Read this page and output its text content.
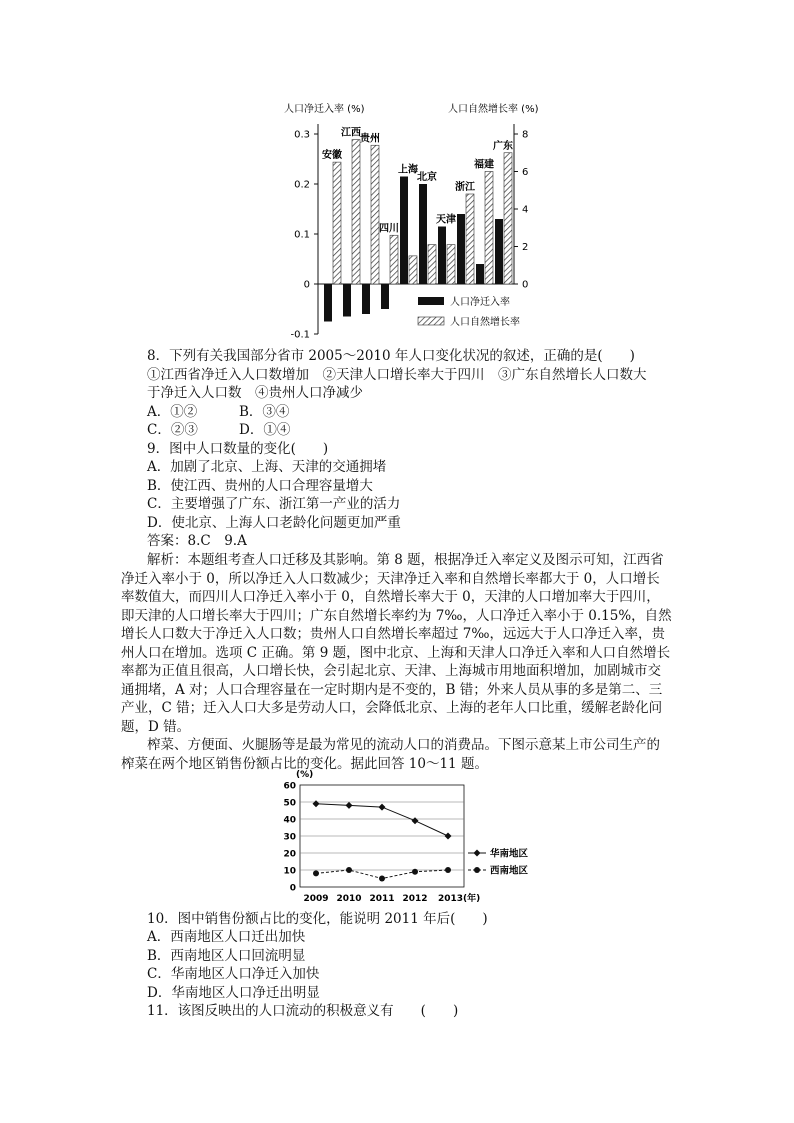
人口净迁入率 (%)	人口自然增长率 (%)
0.3
0.2
0.1
0
-0.1
8
6
4
2
0
安徽
江西
贵州
四川
上海
北京
天津
浙江
福建
广东
人口净迁入率
人口自然增长率
8．下列有关我国部分省市 2005～2010 年人口变化状况的叙述，正确的是(　　)
①江西省净迁入人口数增加　②天津人口增长率大于四川　③广东自然增长人口数大
于净迁入人口数　④贵州人口净减少
A．①②	B．③④
C．②③	D．①④
9．图中人口数量的变化(　　)
A．加剧了北京、上海、天津的交通拥堵
B．使江西、贵州的人口合理容量增大
C．主要增强了广东、浙江第一产业的活力
D．使北京、上海人口老龄化问题更加严重
答案：8.C　9.A
解析：本题组考查人口迁移及其影响。第 8 题，根据净迁入率定义及图示可知，江西省
净迁入率小于 0，所以净迁入人口数减少；天津净迁入率和自然增长率都大于 0，人口增长
率数值大，而四川人口净迁入率小于 0，自然增长率大于 0，天津的人口增加率大于四川，
即天津的人口增长率大于四川；广东自然增长率约为 7‰，人口净迁入率小于 0.15%，自然
增长人口数大于净迁入人口数；贵州人口自然增长率超过 7‰，远远大于人口净迁入率，贵
州人口在增加。选项 C 正确。第 9 题，图中北京、上海和天津人口净迁入率和人口自然增长
率都为正值且很高，人口增长快，会引起北京、天津、上海城市用地面积增加，加剧城市交
通拥堵，A 对；人口合理容量在一定时期内是不变的，B 错；外来人员从事的多是第二、三
产业，C 错；迁入人口大多是劳动人口，会降低北京、上海的老年人口比重，缓解老龄化问
题，D 错。
榨菜、方便面、火腿肠等是最为常见的流动人口的消费品。下图示意某上市公司生产的
榨菜在两个地区销售份额占比的变化。据此回答 10～11 题。
(%)
60
50
40
30
20
10
0
2009 2010 2011 2012 2013(年)
华南地区
西南地区
10．图中销售份额占比的变化，能说明 2011 年后(　　)
A．西南地区人口迁出加快
B．西南地区人口回流明显
C．华南地区人口净迁入加快
D．华南地区人口净迁出明显
11．该图反映出的人口流动的积极意义有　　(　　)
